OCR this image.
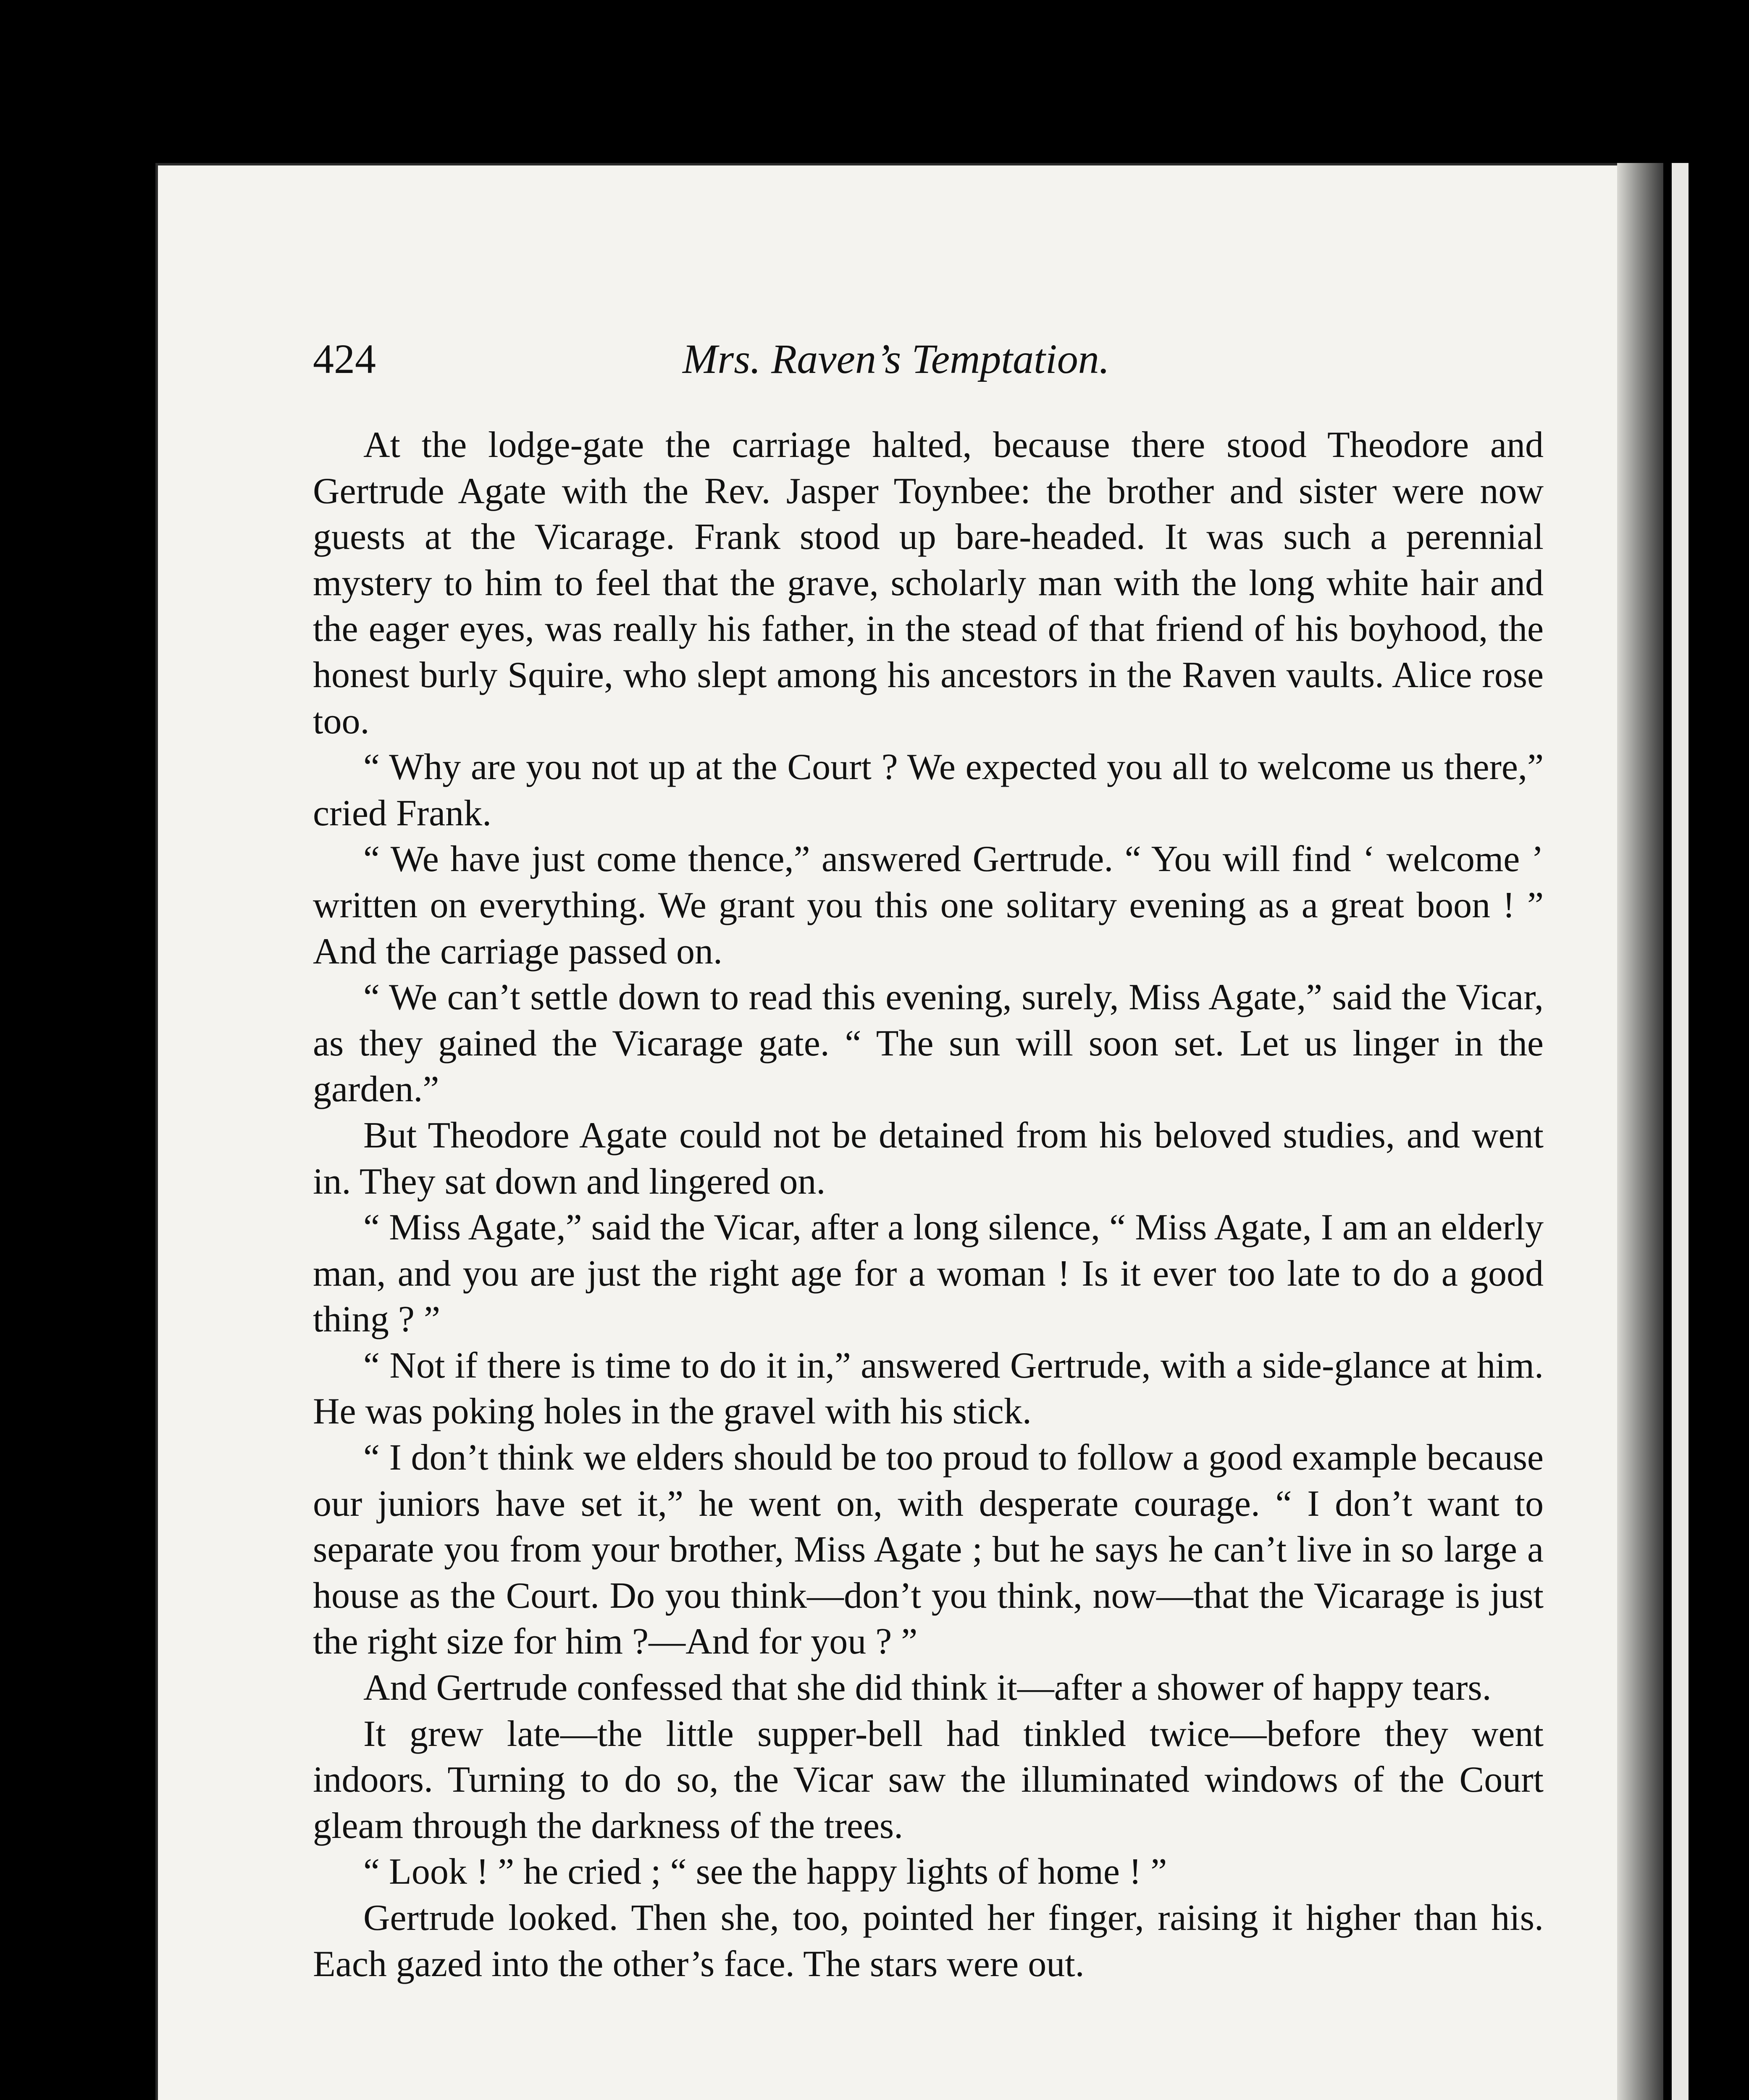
424	Mrs. Raven’s Temptation.

At the lodge-gate the carriage halted, because there stood Theodore and Gertrude Agate with the Rev. Jasper Toynbee: the brother and sister were now guests at the Vicarage. Frank stood up bare-headed. It was such a perennial mystery to him to feel that the grave, scholarly man with the long white hair and the eager eyes, was really his father, in the stead of that friend of his boyhood, the honest burly Squire, who slept among his ancestors in the Raven vaults. Alice rose too.

“ Why are you not up at the Court ? We expected you all to welcome us there,” cried Frank.

“ We have just come thence,” answered Gertrude. “ You will find ‘ welcome ’ written on everything. We grant you this one solitary evening as a great boon ! ” And the carriage passed on.

“ We can’t settle down to read this evening, surely, Miss Agate,” said the Vicar, as they gained the Vicarage gate. “ The sun will soon set. Let us linger in the garden.”

But Theodore Agate could not be detained from his beloved studies, and went in. They sat down and lingered on.

“ Miss Agate,” said the Vicar, after a long silence, “ Miss Agate, I am an elderly man, and you are just the right age for a woman ! Is it ever too late to do a good thing ? ”

“ Not if there is time to do it in,” answered Gertrude, with a side-glance at him. He was poking holes in the gravel with his stick.

“ I don’t think we elders should be too proud to follow a good example because our juniors have set it,” he went on, with desperate courage. “ I don’t want to separate you from your brother, Miss Agate ; but he says he can’t live in so large a house as the Court. Do you think—don’t you think, now—that the Vicarage is just the right size for him ?—And for you ? ”

And Gertrude confessed that she did think it—after a shower of happy tears.

It grew late—the little supper-bell had tinkled twice—before they went indoors. Turning to do so, the Vicar saw the illuminated windows of the Court gleam through the darkness of the trees.

“ Look ! ” he cried ; “ see the happy lights of home ! ”

Gertrude looked. Then she, too, pointed her finger, raising it higher than his. Each gazed into the other’s face. The stars were out.
